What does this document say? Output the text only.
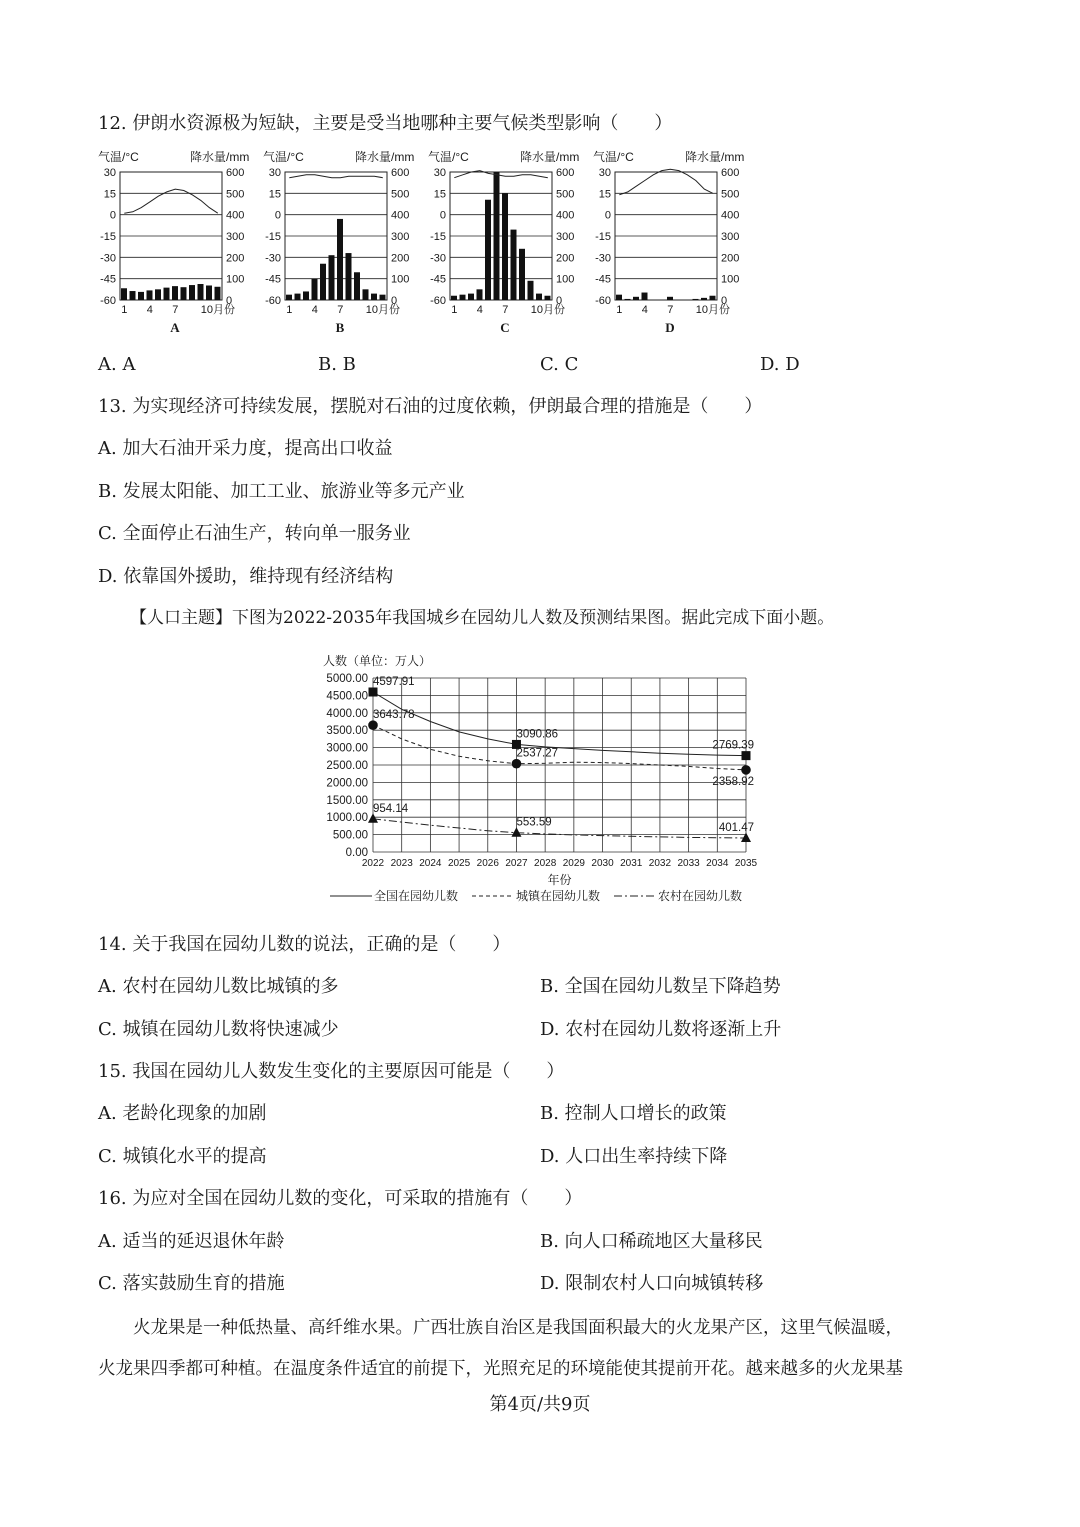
12. 伊朗水资源极为短缺，主要是受当地哪种主要气候类型影响（　　）
气温/°C	降水量/mm
30	600
15	500
0	400
-15	300
-30	200
-45	100
-60	0
1 4 7 10月份
A
气温/°C	降水量/mm
30	600
15	500
0	400
-15	300
-30	200
-45	100
-60	0
1 4 7 10月份
B
气温/°C	降水量/mm
30	600
15	500
0	400
-15	300
-30	200
-45	100
-60	0
1 4 7 10月份
C
气温/°C	降水量/mm
30	600
15	500
0	400
-15	300
-30	200
-45	100
-60	0
1 4 7 10月份
D
A. A	B. B	C. C	D. D
13. 为实现经济可持续发展，摆脱对石油的过度依赖，伊朗最合理的措施是（　　）
A. 加大石油开采力度，提高出口收益
B. 发展太阳能、加工工业、旅游业等多元产业
C. 全面停止石油生产，转向单一服务业
D. 依靠国外援助，维持现有经济结构
【人口主题】下图为2022-2035年我国城乡在园幼儿人数及预测结果图。据此完成下面小题。
人数（单位：万人）
5000.00
4500.00
4000.00
3500.00
3000.00
2500.00
2000.00
1500.00
1000.00
500.00
0.00
2022 2023 2024 2025 2026 2027 2028 2029 2030 2031 2032 2033 2034 2035
年份
4597.91
3090.86
2769.39
3643.78
2537.27
2358.92
954.14
553.59	401.47
全国在园幼儿数	城镇在园幼儿数	农村在园幼儿数
14. 关于我国在园幼儿数的说法，正确的是（　　）
A. 农村在园幼儿数比城镇的多	B. 全国在园幼儿数呈下降趋势
C. 城镇在园幼儿数将快速减少	D. 农村在园幼儿数将逐渐上升
15. 我国在园幼儿人数发生变化的主要原因可能是（　　）
A. 老龄化现象的加剧	B. 控制人口增长的政策
C. 城镇化水平的提高	D. 人口出生率持续下降
16. 为应对全国在园幼儿数的变化，可采取的措施有（　　）
A. 适当的延迟退休年龄	B. 向人口稀疏地区大量移民
C. 落实鼓励生育的措施	D. 限制农村人口向城镇转移
　　火龙果是一种低热量、高纤维水果。广西壮族自治区是我国面积最大的火龙果产区，这里气候温暖，
火龙果四季都可种植。在温度条件适宜的前提下，光照充足的环境能使其提前开花。越来越多的火龙果基
第4页/共9页
